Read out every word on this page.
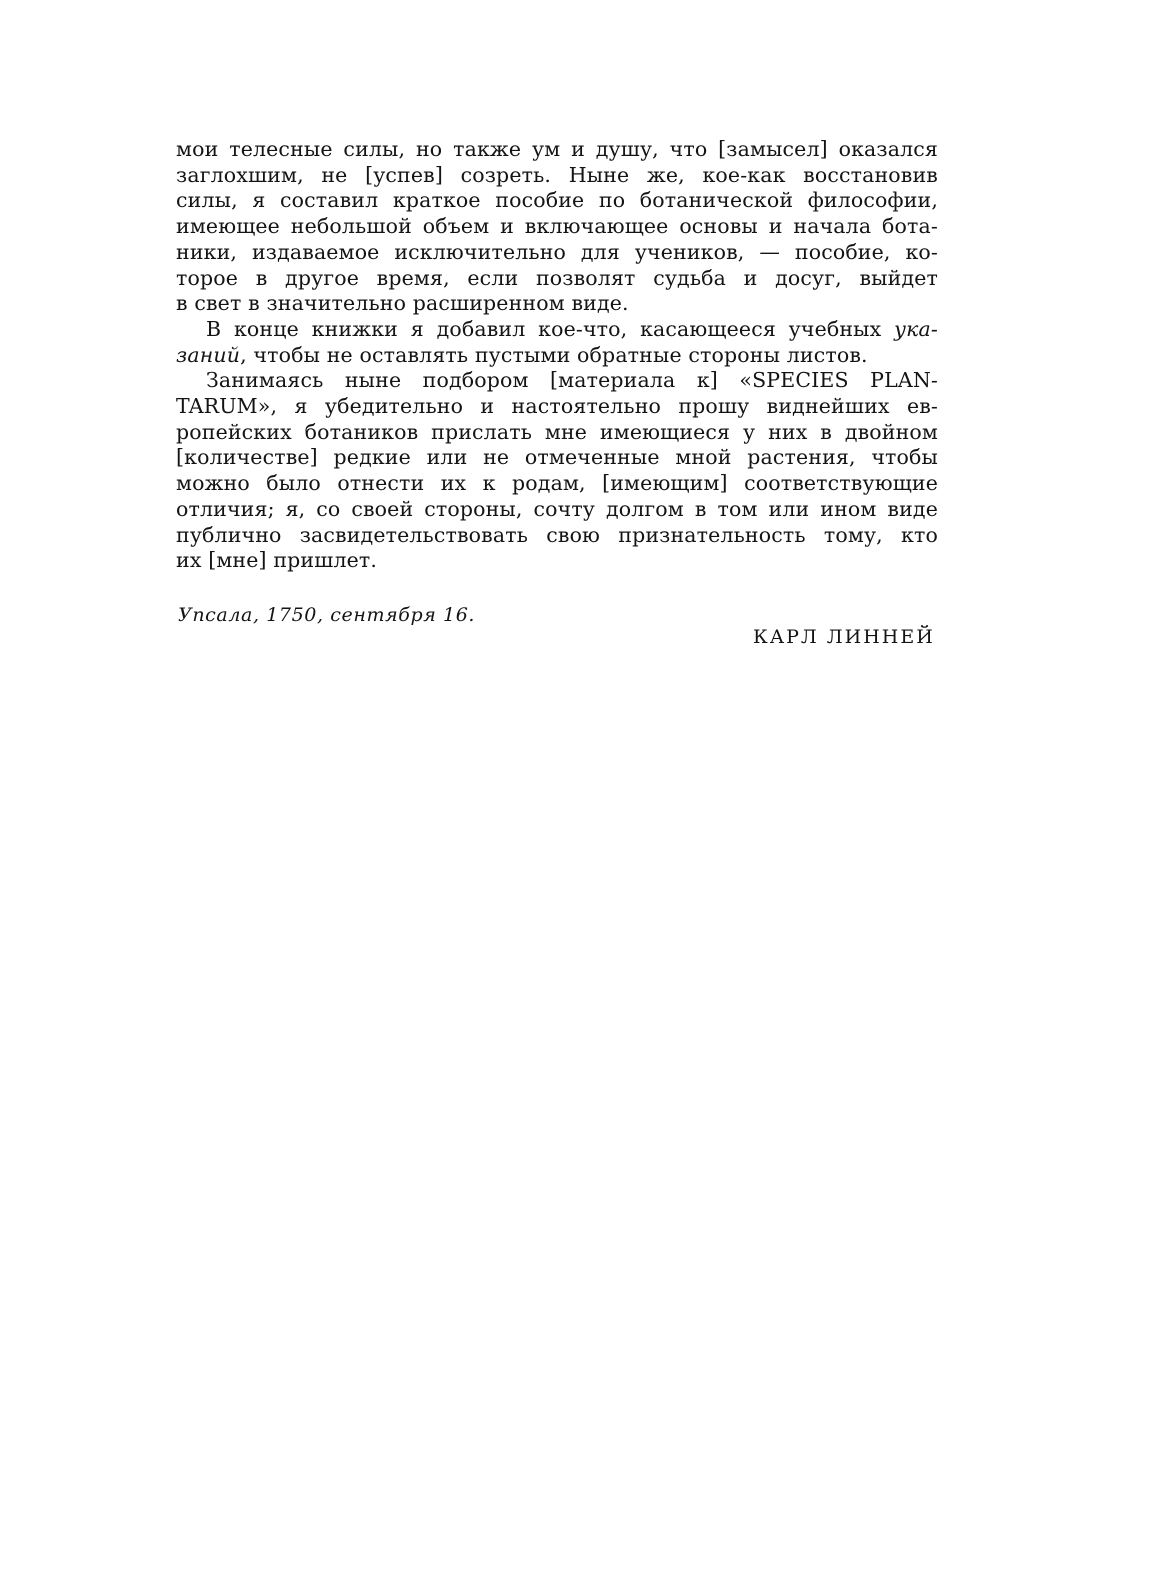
мои телесные силы, но также ум и душу, что [замысел] оказался
заглохшим, не [успев] созреть. Ныне же, кое-как восстановив
силы, я составил краткое пособие по ботанической философии,
имеющее небольшой объем и включающее основы и начала бота-
ники, издаваемое исключительно для учеников, — пособие, ко-
торое в другое время, если позволят судьба и досуг, выйдет
в свет в значительно расширенном виде.
В конце книжки я добавил кое-что, касающееся учебных ука-
заний, чтобы не оставлять пустыми обратные стороны листов.
Занимаясь ныне подбором [материала к] «SPECIES PLAN-
TARUM», я убедительно и настоятельно прошу виднейших ев-
ропейских ботаников прислать мне имеющиеся у них в двойном
[количестве] редкие или не отмеченные мной растения, чтобы
можно было отнести их к родам, [имеющим] соответствующие
отличия; я, со своей стороны, сочту долгом в том или ином виде
публично засвидетельствовать свою признательность тому, кто
их [мне] пришлет.
Упсала, 1750, сентября 16.
КАРЛ ЛИННЕЙ
